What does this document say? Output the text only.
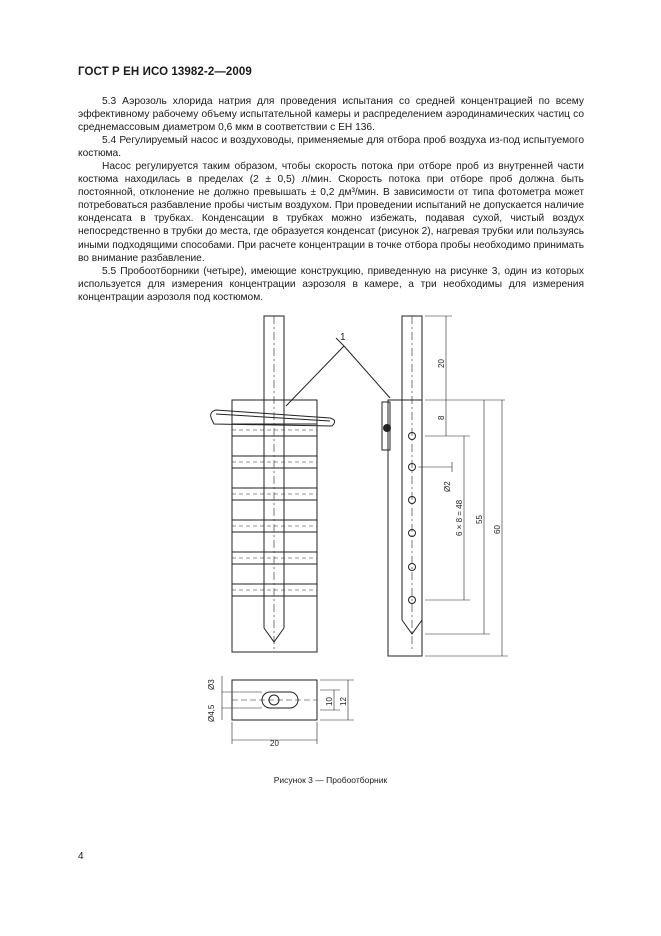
ГОСТ Р ЕН ИСО 13982-2—2009

5.3 Аэрозоль хлорида натрия для проведения испытания со средней концентрацией по всему эффективному рабочему объему испытательной камеры и распределением аэродинамических частиц со среднемассовым диаметром 0,6 мкм в соответствии с ЕН 136.

5.4 Регулируемый насос и воздуховоды, применяемые для отбора проб воздуха из-под испытуемого костюма.

Насос регулируется таким образом, чтобы скорость потока при отборе проб из внутренней части костюма находилась в пределах (2 ± 0,5) л/мин. Скорость потока при отборе проб должна быть постоянной, отклонение не должно превышать ± 0,2 дм³/мин. В зависимости от типа фотометра может потребоваться разбавление пробы чистым воздухом. При проведении испытаний не допускается наличие конденсата в трубках. Конденсации в трубках можно избежать, подавая сухой, чистый воздух непосредственно в трубки до места, где образуется конденсат (рисунок 2), нагревая трубки или пользуясь иными подходящими способами. При расчете концентрации в точке отбора пробы необходимо принимать во внимание разбавление.

5.5 Пробоотборники (четыре), имеющие конструкцию, приведенную на рисунке 3, один из которых используется для измерения концентрации аэрозоля в камере, а три необходимы для измерения концентрации аэрозоля под костюмом.

1
20
8
Ø2
6 × 8 = 48 55
60
10 12
20
Ø3
Ø4,5
Рисунок 3 — Пробоотборник
4
